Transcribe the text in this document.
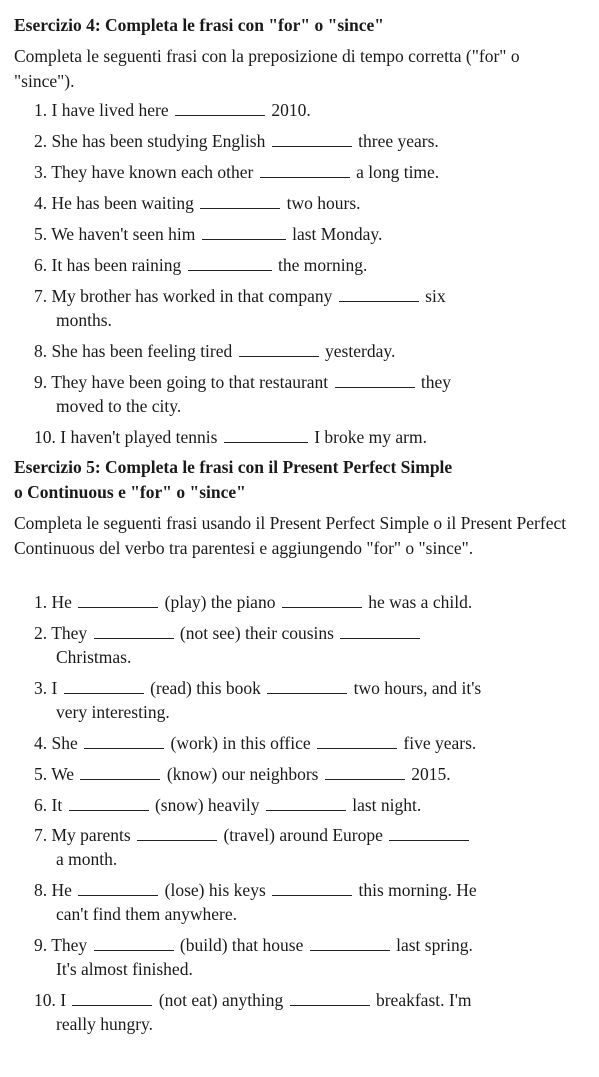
Esercizio 4: Completa le frasi con "for" o "since"
Completa le seguenti frasi con la preposizione di tempo corretta ("for" o "since").
1. I have lived here	2010.
2. She has been studying English	three years.
3. They have known each other	a long time.
4. He has been waiting	two hours.
5. We haven't seen him	last Monday.
6. It has been raining	the morning.
7. My brother has worked in that company	six
months.
8. She has been feeling tired	yesterday.
9. They have been going to that restaurant	they
moved to the city.
10. I haven't played tennis	I broke my arm.
Esercizio 5: Completa le frasi con il Present Perfect Simple
o Continuous e "for" o "since"
Completa le seguenti frasi usando il Present Perfect Simple o il Present Perfect Continuous del verbo tra parentesi e aggiungendo "for" o "since".
1. He	(play) the piano	he was a child.
2. They	(not see) their cousins
Christmas.
3. I	(read) this book	two hours, and it's
very interesting.
4. She	(work) in this office	five years.
5. We	(know) our neighbors	2015.
6. It	(snow) heavily	last night.
7. My parents	(travel) around Europe
a month.
8. He	(lose) his keys	this morning. He
can't find them anywhere.
9. They	(build) that house	last spring.
It's almost finished.
10. I	(not eat) anything	breakfast. I'm
really hungry.
